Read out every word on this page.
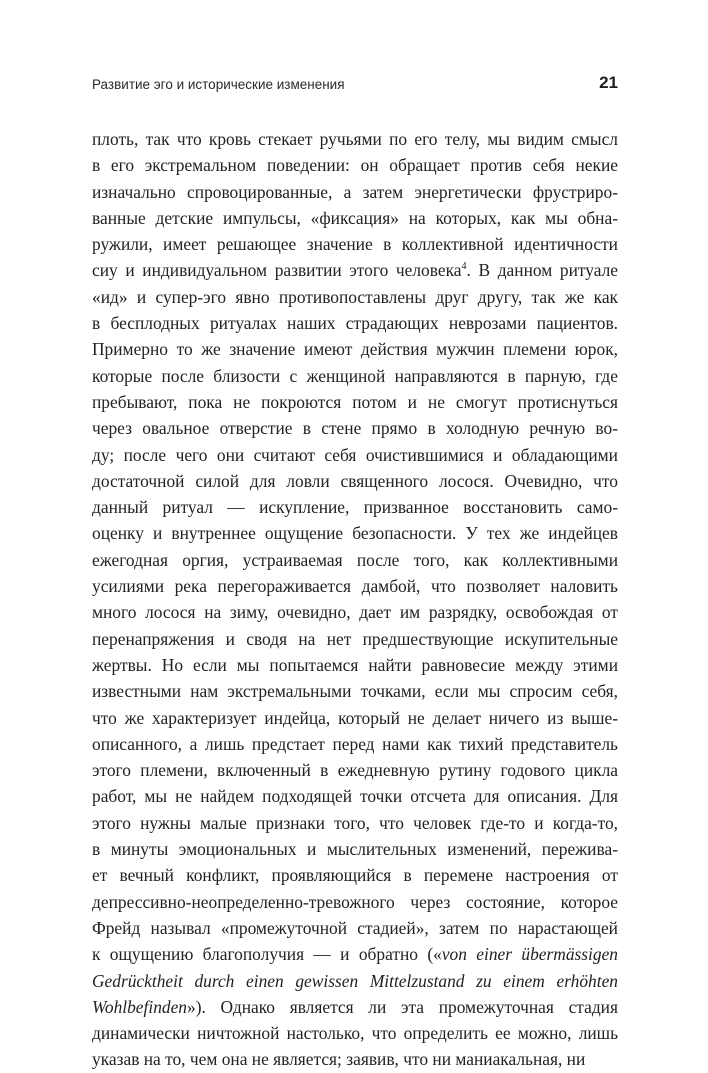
Развитие эго и исторические изменения	21
плоть, так что кровь стекает ручьями по его телу, мы видим смысл
в его экстремальном поведении: он обращает против себя некие
изначально спровоцированные, а затем энергетически фрустриро-
ванные детские импульсы, «фиксация» на которых, как мы обна-
ружили, имеет решающее значение в коллективной идентичности
сиу и индивидуальном развитии этого человека$^4$. В данном ритуале
«ид» и супер-эго явно противопоставлены друг другу, так же как
в бесплодных ритуалах наших страдающих неврозами пациентов.
Примерно то же значение имеют действия мужчин племени юрок,
которые после близости с женщиной направляются в парную, где
пребывают, пока не покроются потом и не смогут протиснуться
через овальное отверстие в стене прямо в холодную речную во-
ду; после чего они считают себя очистившимися и обладающими
достаточной силой для ловли священного лосося. Очевидно, что
данный ритуал — искупление, призванное восстановить само-
оценку и внутреннее ощущение безопасности. У тех же индейцев
ежегодная оргия, устраиваемая после того, как коллективными
усилиями река перегораживается дамбой, что позволяет наловить
много лосося на зиму, очевидно, дает им разрядку, освобождая от
перенапряжения и сводя на нет предшествующие искупительные
жертвы. Но если мы попытаемся найти равновесие между этими
известными нам экстремальными точками, если мы спросим себя,
что же характеризует индейца, который не делает ничего из выше-
описанного, а лишь предстает перед нами как тихий представитель
этого племени, включенный в ежедневную рутину годового цикла
работ, мы не найдем подходящей точки отсчета для описания. Для
этого нужны малые признаки того, что человек где-то и когда-то,
в минуты эмоциональных и мыслительных изменений, пережива-
ет вечный конфликт, проявляющийся в перемене настроения от
депрессивно-неопределенно-тревожного через состояние, которое
Фрейд называл «промежуточной стадией», затем по нарастающей
к ощущению благополучия — и обратно («von einer übermässigen
Gedrücktheit durch einen gewissen Mittelzustand zu einem erhöhten
Wohlbefinden»). Однако является ли эта промежуточная стадия
динамически ничтожной настолько, что определить ее можно, лишь
указав на то, чем она не является; заявив, что ни маниакальная, ни
